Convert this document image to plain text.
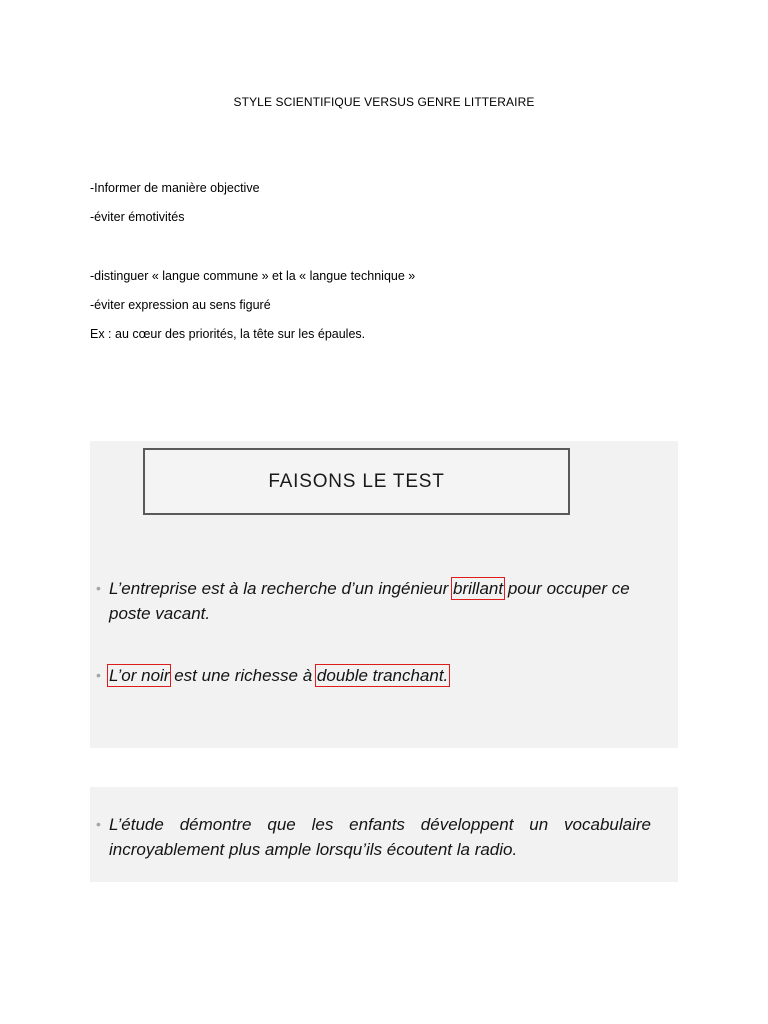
STYLE SCIENTIFIQUE VERSUS GENRE LITTERAIRE
-Informer de manière objective
-éviter émotivités
-distinguer « langue commune » et la « langue technique »
-éviter expression au sens figuré
Ex : au cœur des priorités, la tête sur les épaules.
FAISONS LE TEST
• L’entreprise est à la recherche d’un ingénieur brillant pour occuper ce poste vacant.
• L’or noir est une richesse à double tranchant.
• L’étude démontre que les enfants développent un vocabulaire incroyablement plus ample lorsqu’ils écoutent la radio.
